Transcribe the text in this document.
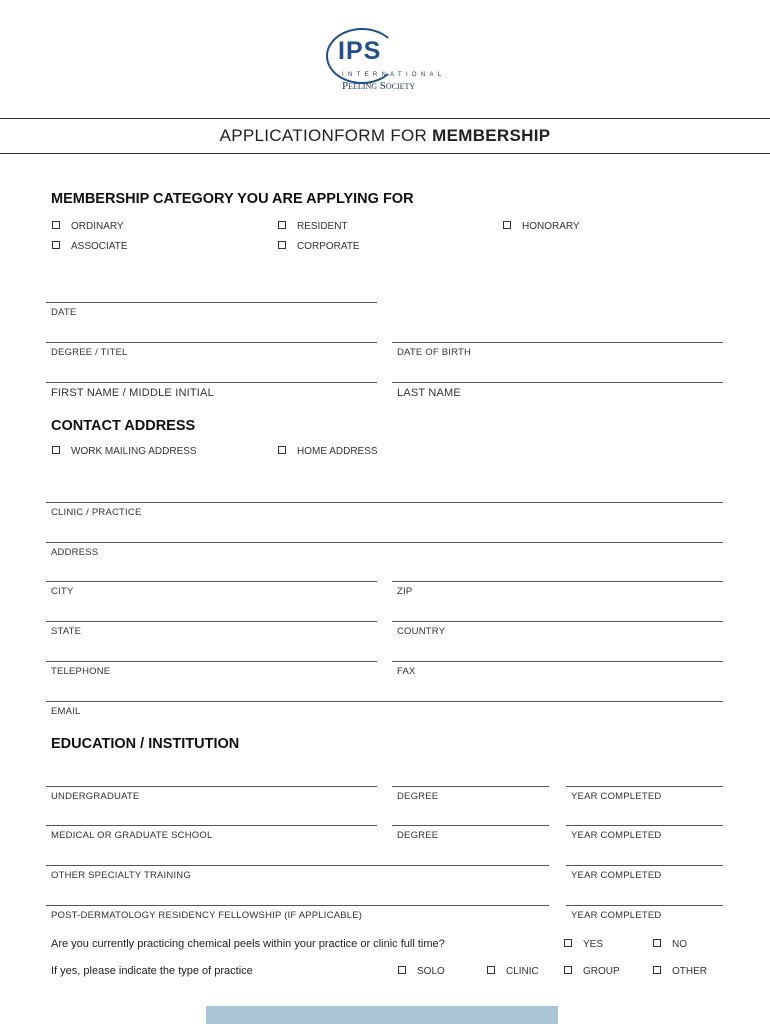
IPS
INTERNATIONAL
Peeling Society
APPLICATIONFORM FOR MEMBERSHIP
MEMBERSHIP CATEGORY YOU ARE APPLYING FOR
ORDINARY	RESIDENT	HONORARY
ASSOCIATE	CORPORATE
DATE
DEGREE / TITEL	DATE OF BIRTH
FIRST NAME / MIDDLE INITIAL	LAST NAME
CONTACT ADDRESS
WORK MAILING ADDRESS	HOME ADDRESS
CLINIC / PRACTICE
ADDRESS
CITY	ZIP
STATE	COUNTRY
TELEPHONE	FAX
EMAIL
EDUCATION / INSTITUTION
UNDERGRADUATE	DEGREE	YEAR COMPLETED
MEDICAL OR GRADUATE SCHOOL	DEGREE	YEAR COMPLETED
OTHER SPECIALTY TRAINING	YEAR COMPLETED
POST-DERMATOLOGY RESIDENCY FELLOWSHIP (IF APPLICABLE)	YEAR COMPLETED
Are you currently practicing chemical peels within your practice or clinic full time?	YES	NO
If yes, please indicate the type of practice	SOLO	CLINIC	GROUP	OTHER
